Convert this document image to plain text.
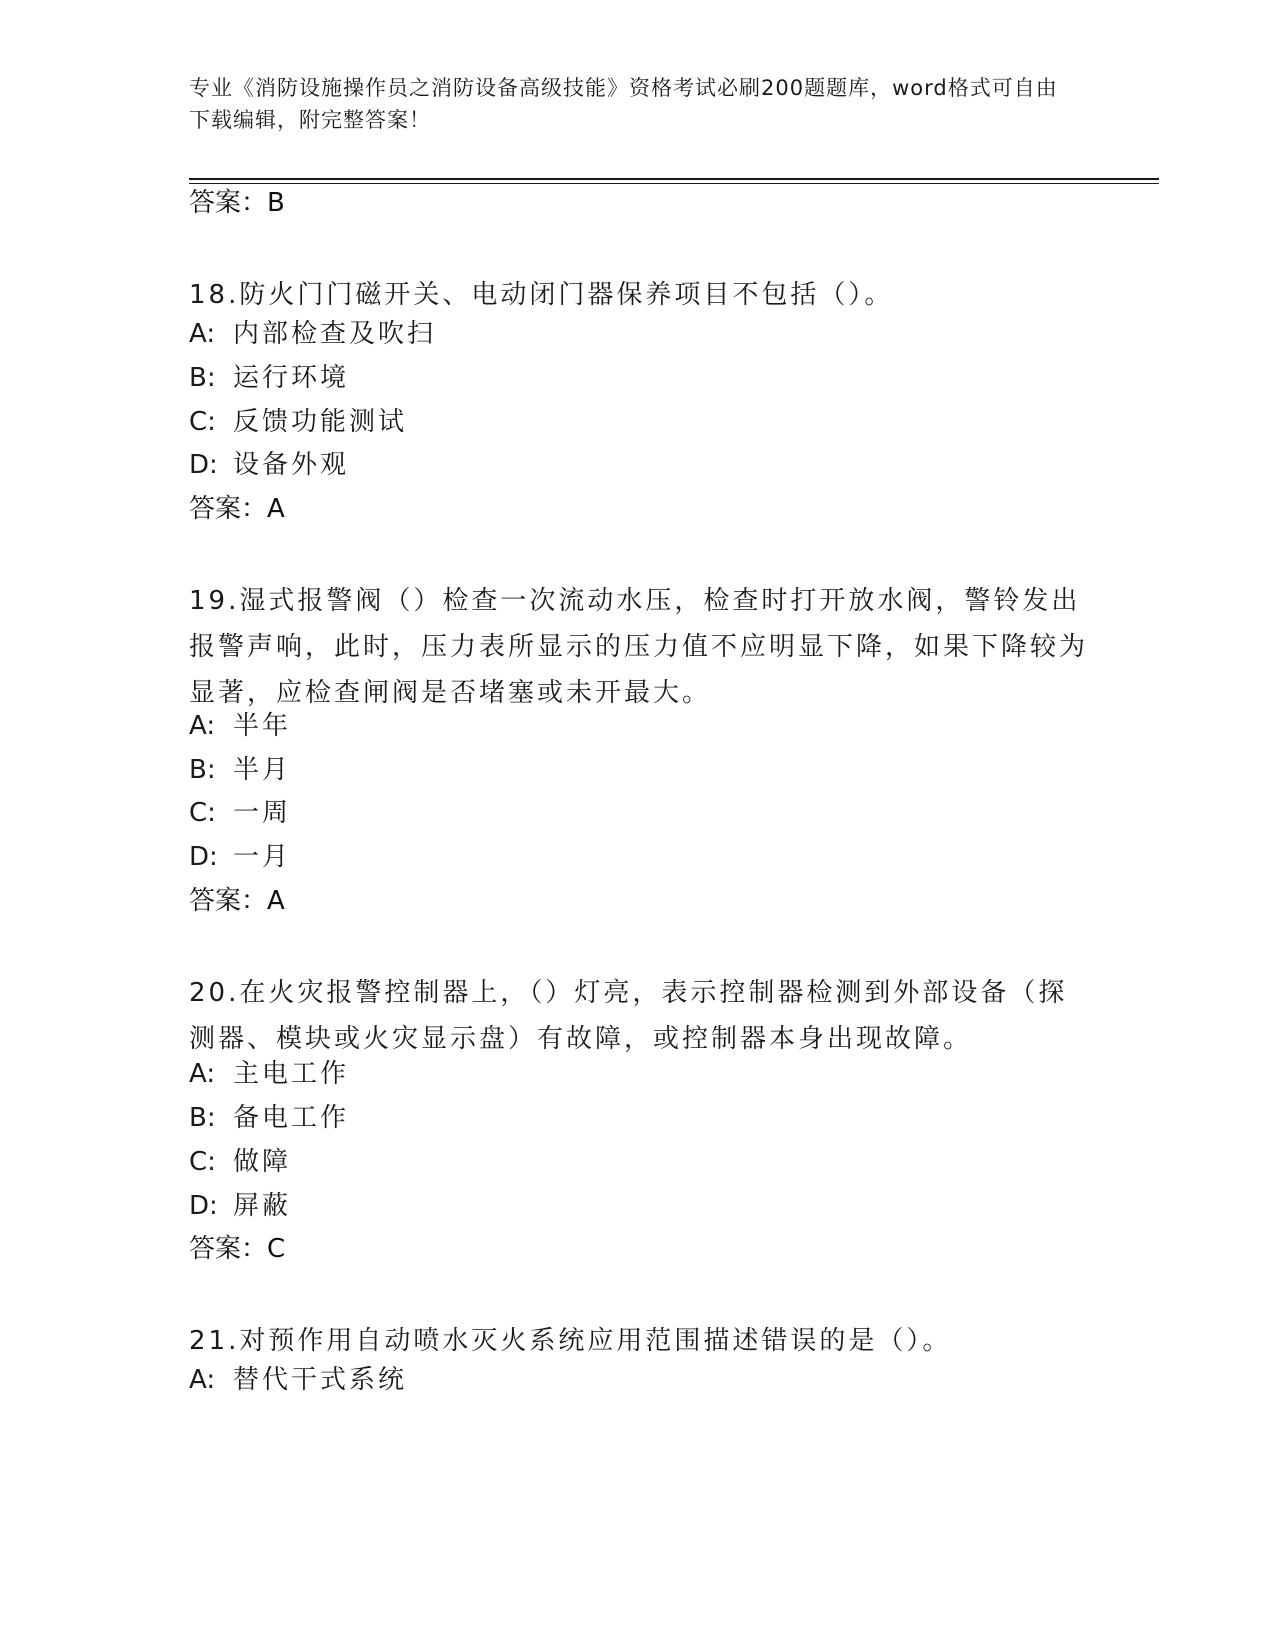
专业《消防设施操作员之消防设备高级技能》资格考试必刷200题题库，word格式可自由下载编辑，附完整答案！
答案：B
18.防火门门磁开关、电动闭门器保养项目不包括（）。
A: 内部检查及吹扫
B: 运行环境
C: 反馈功能测试
D: 设备外观
答案：A
19.湿式报警阀（）检查一次流动水压，检查时打开放水阀，警铃发出报警声响，此时，压力表所显示的压力值不应明显下降，如果下降较为显著，应检查闸阀是否堵塞或未开最大。
A: 半年
B: 半月
C: 一周
D: 一月
答案：A
20.在火灾报警控制器上，（）灯亮，表示控制器检测到外部设备（探测器、模块或火灾显示盘）有故障，或控制器本身出现故障。
A: 主电工作
B: 备电工作
C: 做障
D: 屏蔽
答案：C
21.对预作用自动喷水灭火系统应用范围描述错误的是（）。
A: 替代干式系统
